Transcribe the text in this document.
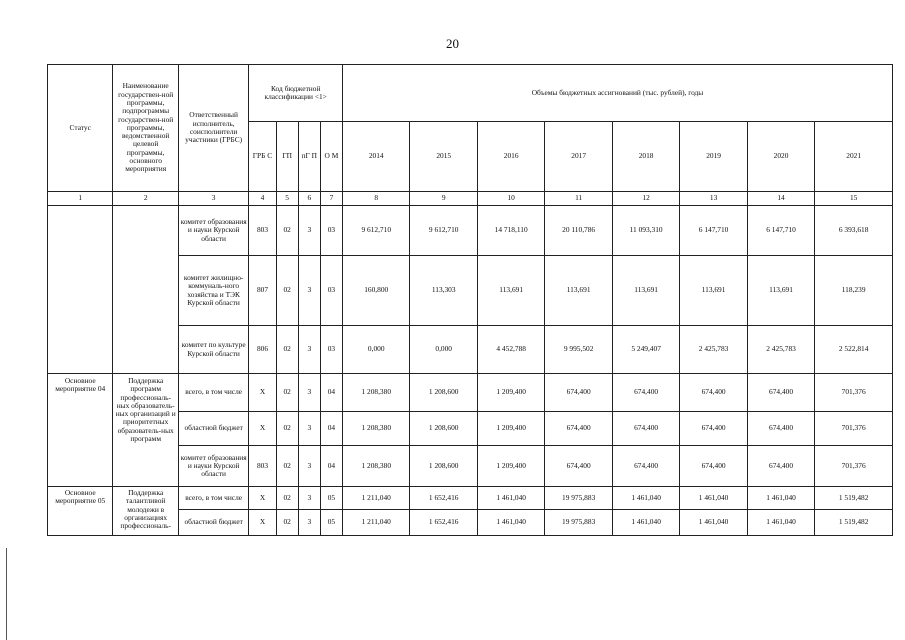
20
Статус	Наименование государствен-ной программы, подпрограммы государствен-ной программы, ведомственной целевой программы, основного мероприятия	Ответственный исполнитель, соисполнители участники (ГРБС)	Код бюджетной классификации <1>				Объемы бюджетных ассигнований (тыс. рублей), годы							
			ГРБ С	ГП	пГ П	О М	2014	2015	2016	2017	2018	2019	2020	2021
1	2	3	4	5	6	7	8	9	10	11	12	13	14	15
		комитет образования и науки Курской области	803	02	3	03	9 612,710	9 612,710	14 718,110	20 110,786	11 093,310	6 147,710	6 147,710	6 393,618
		комитет жилищно-коммуналь-ного хозяйства и ТЭК Курской области	807	02	3	03	160,800	113,303	113,691	113,691	113,691	113,691	113,691	118,239
		комитет по культуре Курской области	806	02	3	03	0,000	0,000	4 452,788	9 995,502	5 249,407	2 425,783	2 425,783	2 522,814
Основное мероприятие 04	Поддержка программ профессиональ-ных образователь-ных организаций и приоритетных образователь-ных программ	всего, в том числе	Х	02	3	04	1 208,380	1 208,600	1 209,400	674,400	674,400	674,400	674,400	701,376
		областной бюджет	Х	02	3	04	1 208,380	1 208,600	1 209,400	674,400	674,400	674,400	674,400	701,376
		комитет образования и науки Курской области	803	02	3	04	1 208,380	1 208,600	1 209,400	674,400	674,400	674,400	674,400	701,376
Основное мероприятие 05	Поддержка талантливой молодежи в организациях профессиональ-	всего, в том числе	Х	02	3	05	1 211,040	1 652,416	1 461,040	19 975,883	1 461,040	1 461,040	1 461,040	1 519,482
		областной бюджет	Х	02	3	05	1 211,040	1 652,416	1 461,040	19 975,883	1 461,040	1 461,040	1 461,040	1 519,482
